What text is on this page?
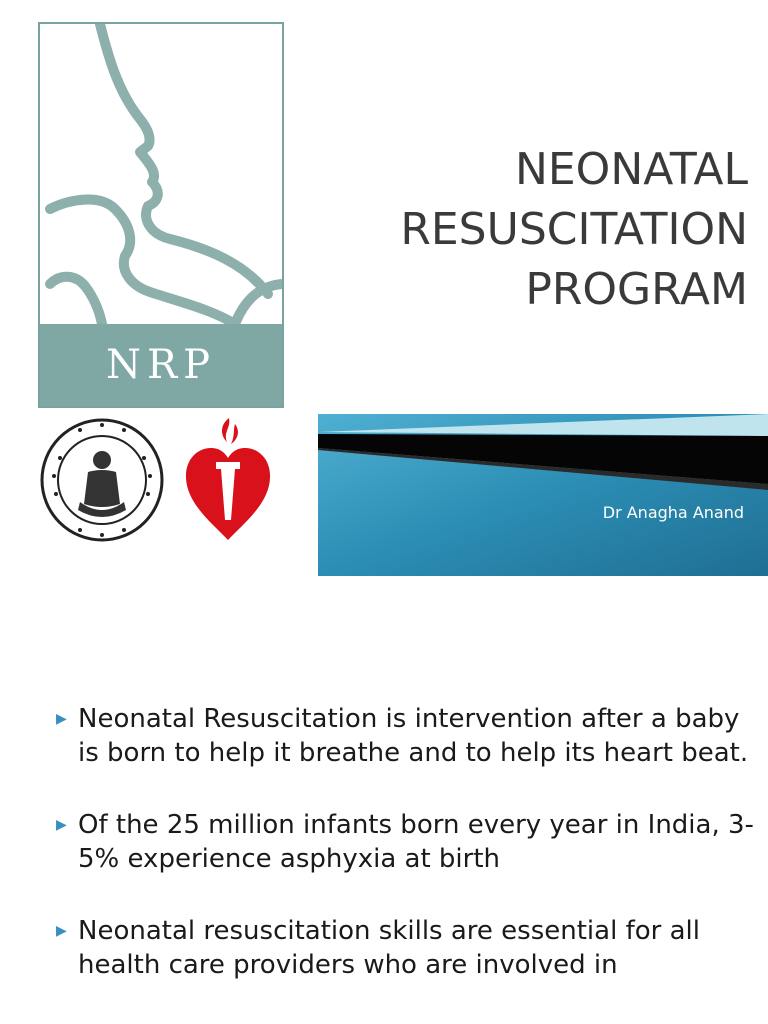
NRP
NEONATAL
RESUSCITATION
PROGRAM
Dr Anagha Anand
▶ Neonatal Resuscitation is intervention after a baby is born to help it breathe and to help its heart beat.
▶ Of the 25 million infants born every year in India, 3-5% experience asphyxia at birth
▶ Neonatal resuscitation skills are essential for all health care providers who are involved in
